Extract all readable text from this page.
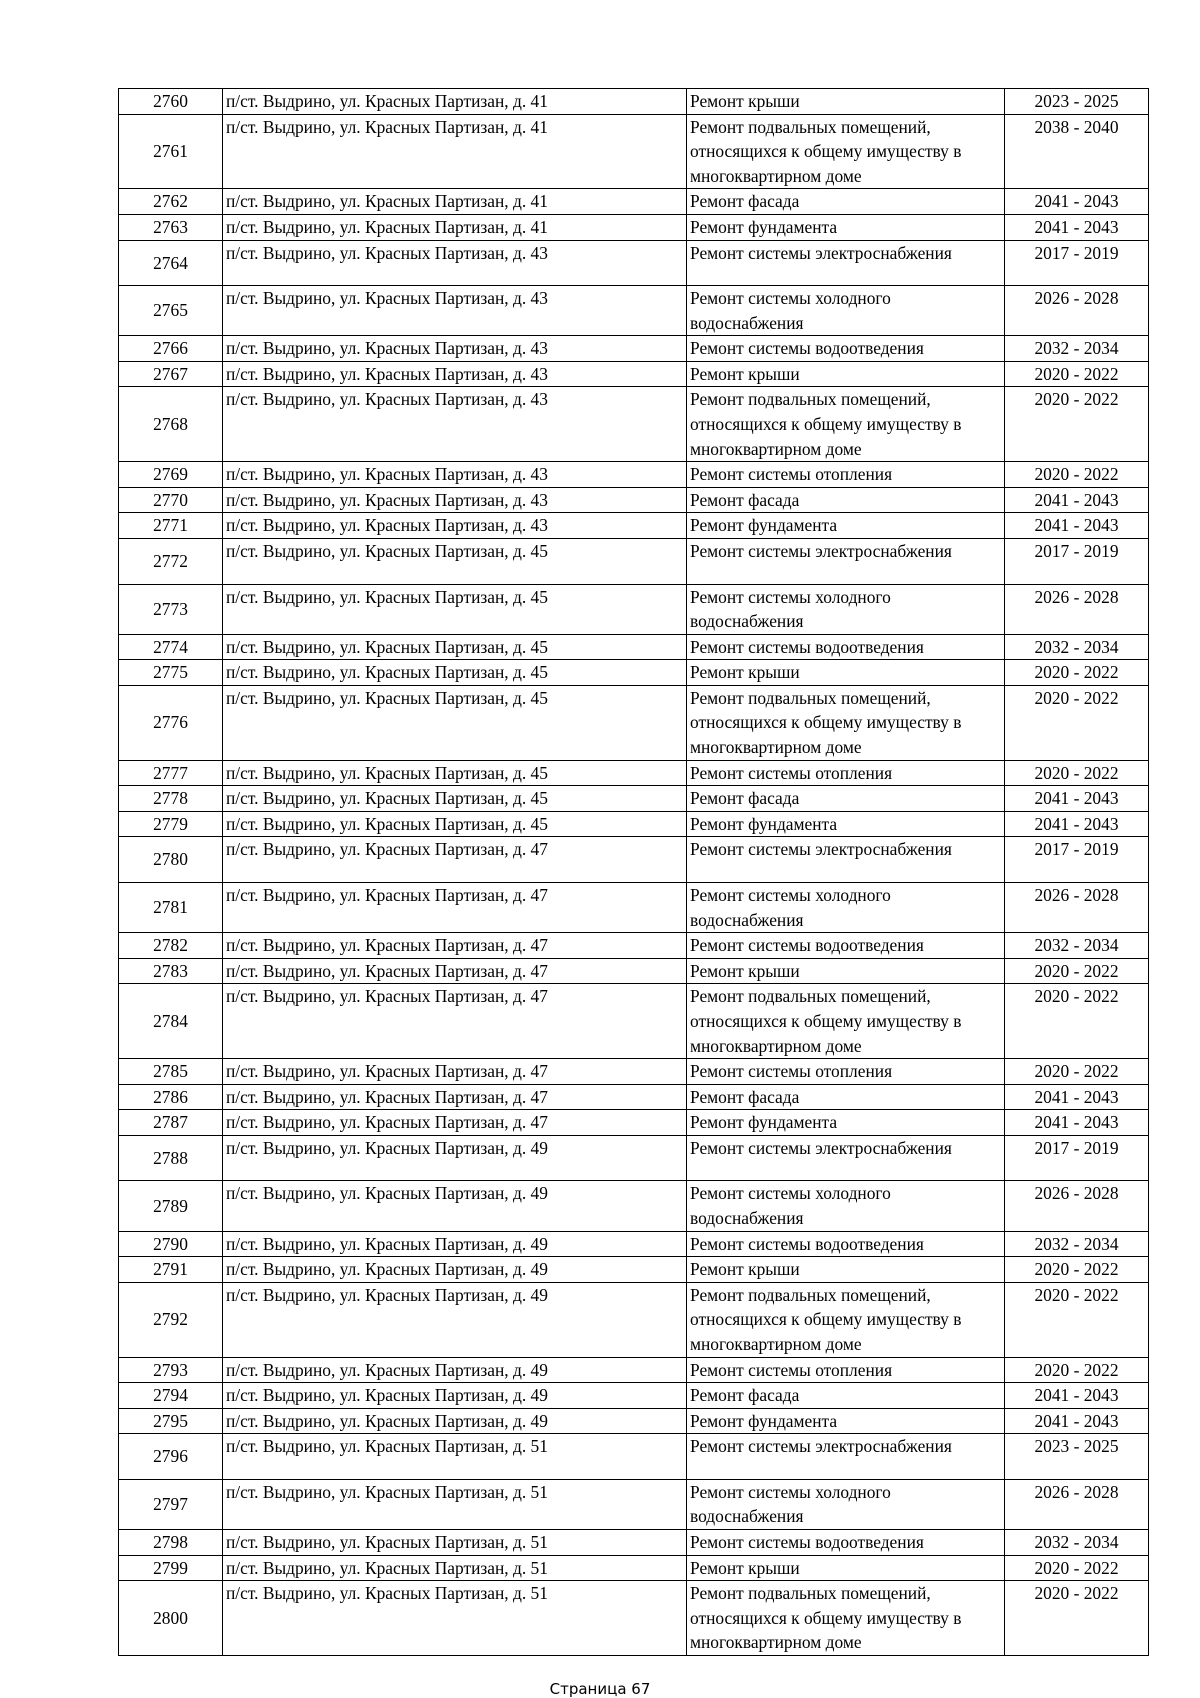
2760	п/ст. Выдрино, ул. Красных Партизан, д. 41	Ремонт крыши	2023 - 2025
2761	п/ст. Выдрино, ул. Красных Партизан, д. 41	Ремонт подвальных помещений, относящихся к общему имуществу в многоквартирном доме	2038 - 2040
2762	п/ст. Выдрино, ул. Красных Партизан, д. 41	Ремонт фасада	2041 - 2043
2763	п/ст. Выдрино, ул. Красных Партизан, д. 41	Ремонт фундамента	2041 - 2043
2764	п/ст. Выдрино, ул. Красных Партизан, д. 43	Ремонт системы электроснабжения	2017 - 2019
2765	п/ст. Выдрино, ул. Красных Партизан, д. 43	Ремонт системы холодного водоснабжения	2026 - 2028
2766	п/ст. Выдрино, ул. Красных Партизан, д. 43	Ремонт системы водоотведения	2032 - 2034
2767	п/ст. Выдрино, ул. Красных Партизан, д. 43	Ремонт крыши	2020 - 2022
2768	п/ст. Выдрино, ул. Красных Партизан, д. 43	Ремонт подвальных помещений, относящихся к общему имуществу в многоквартирном доме	2020 - 2022
2769	п/ст. Выдрино, ул. Красных Партизан, д. 43	Ремонт системы отопления	2020 - 2022
2770	п/ст. Выдрино, ул. Красных Партизан, д. 43	Ремонт фасада	2041 - 2043
2771	п/ст. Выдрино, ул. Красных Партизан, д. 43	Ремонт фундамента	2041 - 2043
2772	п/ст. Выдрино, ул. Красных Партизан, д. 45	Ремонт системы электроснабжения	2017 - 2019
2773	п/ст. Выдрино, ул. Красных Партизан, д. 45	Ремонт системы холодного водоснабжения	2026 - 2028
2774	п/ст. Выдрино, ул. Красных Партизан, д. 45	Ремонт системы водоотведения	2032 - 2034
2775	п/ст. Выдрино, ул. Красных Партизан, д. 45	Ремонт крыши	2020 - 2022
2776	п/ст. Выдрино, ул. Красных Партизан, д. 45	Ремонт подвальных помещений, относящихся к общему имуществу в многоквартирном доме	2020 - 2022
2777	п/ст. Выдрино, ул. Красных Партизан, д. 45	Ремонт системы отопления	2020 - 2022
2778	п/ст. Выдрино, ул. Красных Партизан, д. 45	Ремонт фасада	2041 - 2043
2779	п/ст. Выдрино, ул. Красных Партизан, д. 45	Ремонт фундамента	2041 - 2043
2780	п/ст. Выдрино, ул. Красных Партизан, д. 47	Ремонт системы электроснабжения	2017 - 2019
2781	п/ст. Выдрино, ул. Красных Партизан, д. 47	Ремонт системы холодного водоснабжения	2026 - 2028
2782	п/ст. Выдрино, ул. Красных Партизан, д. 47	Ремонт системы водоотведения	2032 - 2034
2783	п/ст. Выдрино, ул. Красных Партизан, д. 47	Ремонт крыши	2020 - 2022
2784	п/ст. Выдрино, ул. Красных Партизан, д. 47	Ремонт подвальных помещений, относящихся к общему имуществу в многоквартирном доме	2020 - 2022
2785	п/ст. Выдрино, ул. Красных Партизан, д. 47	Ремонт системы отопления	2020 - 2022
2786	п/ст. Выдрино, ул. Красных Партизан, д. 47	Ремонт фасада	2041 - 2043
2787	п/ст. Выдрино, ул. Красных Партизан, д. 47	Ремонт фундамента	2041 - 2043
2788	п/ст. Выдрино, ул. Красных Партизан, д. 49	Ремонт системы электроснабжения	2017 - 2019
2789	п/ст. Выдрино, ул. Красных Партизан, д. 49	Ремонт системы холодного водоснабжения	2026 - 2028
2790	п/ст. Выдрино, ул. Красных Партизан, д. 49	Ремонт системы водоотведения	2032 - 2034
2791	п/ст. Выдрино, ул. Красных Партизан, д. 49	Ремонт крыши	2020 - 2022
2792	п/ст. Выдрино, ул. Красных Партизан, д. 49	Ремонт подвальных помещений, относящихся к общему имуществу в многоквартирном доме	2020 - 2022
2793	п/ст. Выдрино, ул. Красных Партизан, д. 49	Ремонт системы отопления	2020 - 2022
2794	п/ст. Выдрино, ул. Красных Партизан, д. 49	Ремонт фасада	2041 - 2043
2795	п/ст. Выдрино, ул. Красных Партизан, д. 49	Ремонт фундамента	2041 - 2043
2796	п/ст. Выдрино, ул. Красных Партизан, д. 51	Ремонт системы электроснабжения	2023 - 2025
2797	п/ст. Выдрино, ул. Красных Партизан, д. 51	Ремонт системы холодного водоснабжения	2026 - 2028
2798	п/ст. Выдрино, ул. Красных Партизан, д. 51	Ремонт системы водоотведения	2032 - 2034
2799	п/ст. Выдрино, ул. Красных Партизан, д. 51	Ремонт крыши	2020 - 2022
2800	п/ст. Выдрино, ул. Красных Партизан, д. 51	Ремонт подвальных помещений, относящихся к общему имуществу в многоквартирном доме	2020 - 2022
Страница 67
